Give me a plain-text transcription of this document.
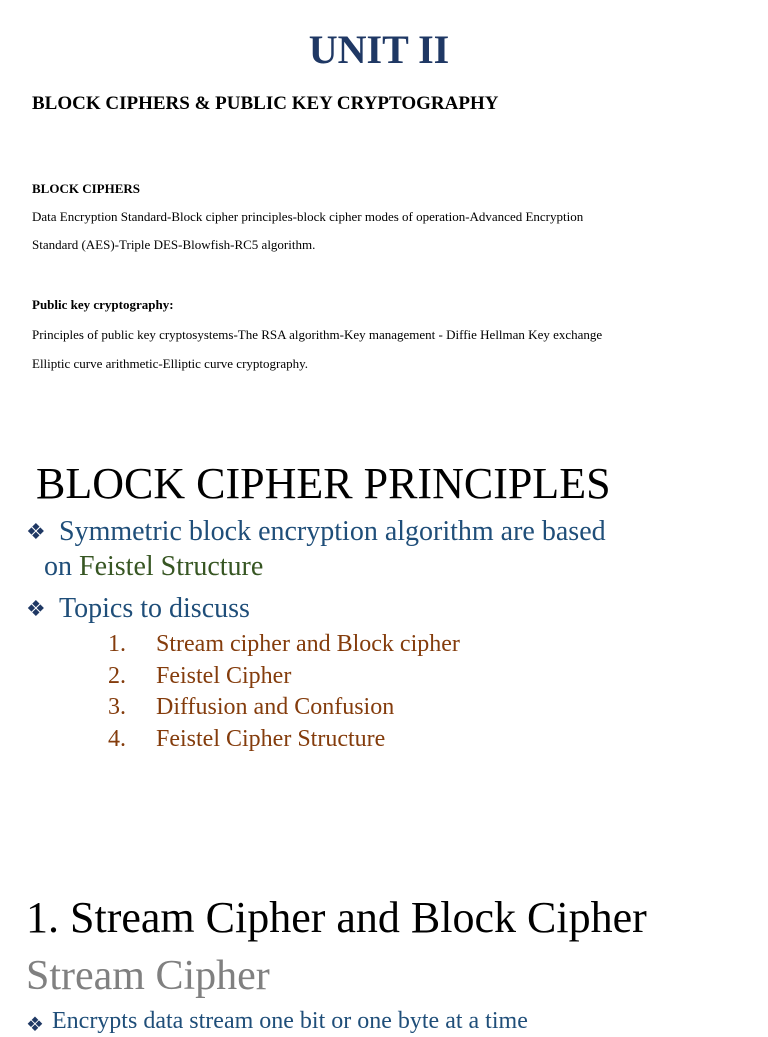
UNIT II
BLOCK CIPHERS & PUBLIC KEY CRYPTOGRAPHY
BLOCK CIPHERS
Data Encryption Standard-Block cipher principles-block cipher modes of operation-Advanced Encryption
Standard (AES)-Triple DES-Blowfish-RC5 algorithm.
Public key cryptography:
Principles of public key cryptosystems-The RSA algorithm-Key management - Diffie Hellman Key exchange
Elliptic curve arithmetic-Elliptic curve cryptography.
BLOCK CIPHER PRINCIPLES
❖ Symmetric block encryption algorithm are based
on Feistel Structure
❖ Topics to discuss
1. Stream cipher and Block cipher
2. Feistel Cipher
3. Diffusion and Confusion
4. Feistel Cipher Structure
1. Stream Cipher and Block Cipher
Stream Cipher
❖ Encrypts data stream one bit or one byte at a time
